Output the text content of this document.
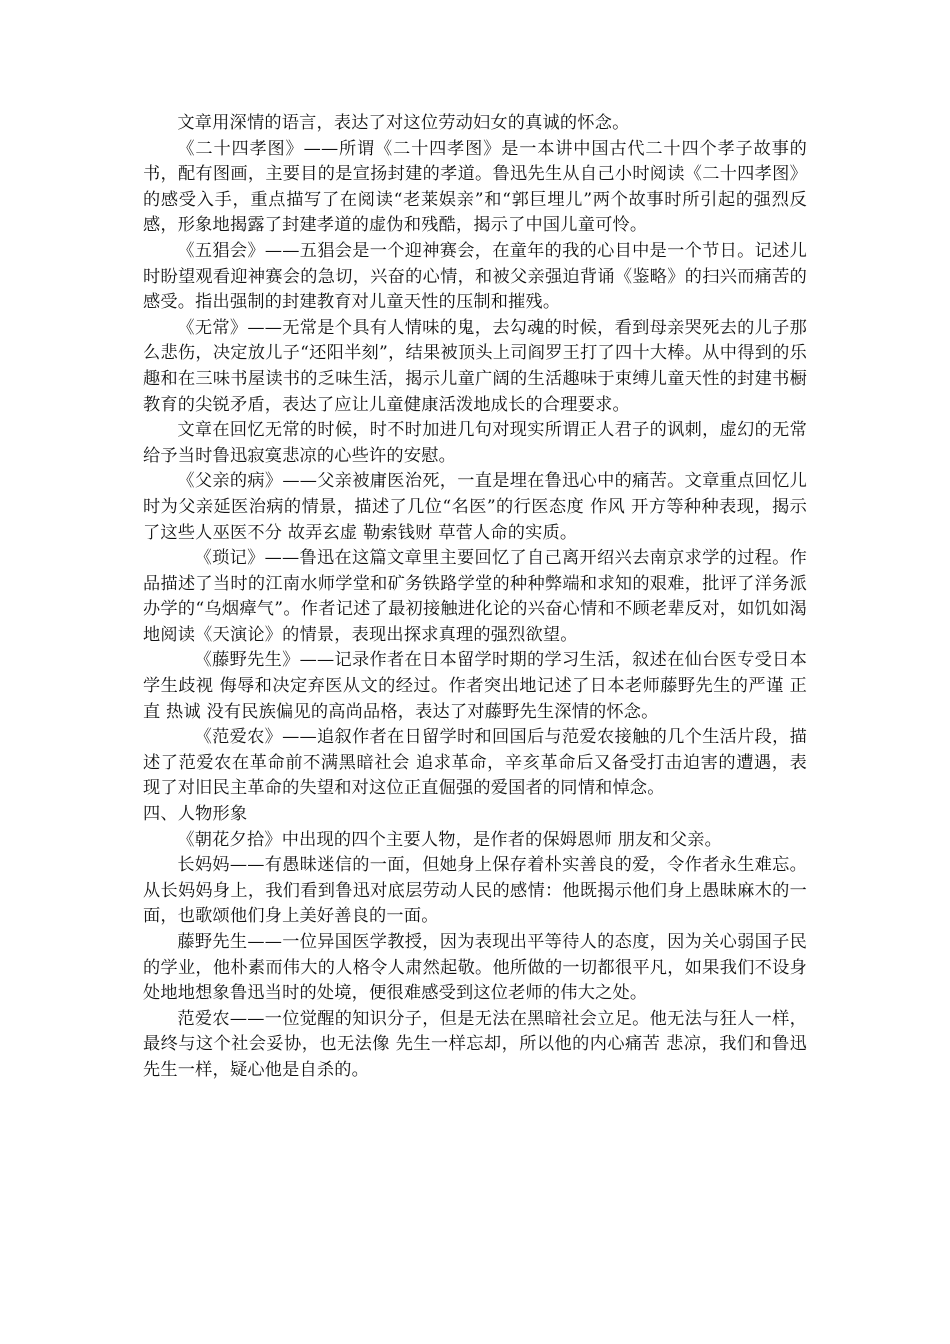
文章用深情的语言，表达了对这位劳动妇女的真诚的怀念。

《二十四孝图》——所谓《二十四孝图》是一本讲中国古代二十四个孝子故事的书，配有图画，主要目的是宣扬封建的孝道。鲁迅先生从自己小时阅读《二十四孝图》的感受入手，重点描写了在阅读“老莱娱亲”和“郭巨埋儿”两个故事时所引起的强烈反感，形象地揭露了封建孝道的虚伪和残酷，揭示了中国儿童可怜。

《五猖会》——五猖会是一个迎神赛会，在童年的我的心目中是一个节日。记述儿时盼望观看迎神赛会的急切，兴奋的心情，和被父亲强迫背诵《鉴略》的扫兴而痛苦的感受。指出强制的封建教育对儿童天性的压制和摧残。

《无常》——无常是个具有人情味的鬼，去勾魂的时候，看到母亲哭死去的儿子那么悲伤，决定放儿子“还阳半刻”，结果被顶头上司阎罗王打了四十大棒。从中得到的乐趣和在三味书屋读书的乏味生活，揭示儿童广阔的生活趣味于束缚儿童天性的封建书橱教育的尖锐矛盾，表达了应让儿童健康活泼地成长的合理要求。

文章在回忆无常的时候，时不时加进几句对现实所谓正人君子的讽刺，虚幻的无常给予当时鲁迅寂寞悲凉的心些许的安慰。

《父亲的病》——父亲被庸医治死，一直是埋在鲁迅心中的痛苦。文章重点回忆儿时为父亲延医治病的情景，描述了几位“名医”的行医态度 作风 开方等种种表现，揭示了这些人巫医不分 故弄玄虚 勒索钱财 草菅人命的实质。

《琐记》——鲁迅在这篇文章里主要回忆了自己离开绍兴去南京求学的过程。作品描述了当时的江南水师学堂和矿务铁路学堂的种种弊端和求知的艰难，批评了洋务派办学的“乌烟瘴气”。作者记述了最初接触进化论的兴奋心情和不顾老辈反对，如饥如渴地阅读《天演论》的情景，表现出探求真理的强烈欲望。

《藤野先生》——记录作者在日本留学时期的学习生活，叙述在仙台医专受日本学生歧视 侮辱和决定弃医从文的经过。作者突出地记述了日本老师藤野先生的严谨 正直 热诚 没有民族偏见的高尚品格，表达了对藤野先生深情的怀念。

《范爱农》——追叙作者在日留学时和回国后与范爱农接触的几个生活片段，描述了范爱农在革命前不满黑暗社会 追求革命，辛亥革命后又备受打击迫害的遭遇，表现了对旧民主革命的失望和对这位正直倔强的爱国者的同情和悼念。

四、人物形象

《朝花夕拾》中出现的四个主要人物，是作者的保姆恩师 朋友和父亲。

长妈妈——有愚昧迷信的一面，但她身上保存着朴实善良的爱，令作者永生难忘。从长妈妈身上，我们看到鲁迅对底层劳动人民的感情：他既揭示他们身上愚昧麻木的一面，也歌颂他们身上美好善良的一面。

藤野先生——一位异国医学教授，因为表现出平等待人的态度，因为关心弱国子民的学业，他朴素而伟大的人格令人肃然起敬。他所做的一切都很平凡，如果我们不设身处地地想象鲁迅当时的处境，便很难感受到这位老师的伟大之处。

范爱农——一位觉醒的知识分子，但是无法在黑暗社会立足。他无法与狂人一样，最终与这个社会妥协，也无法像 先生一样忘却，所以他的内心痛苦 悲凉，我们和鲁迅先生一样，疑心他是自杀的。
